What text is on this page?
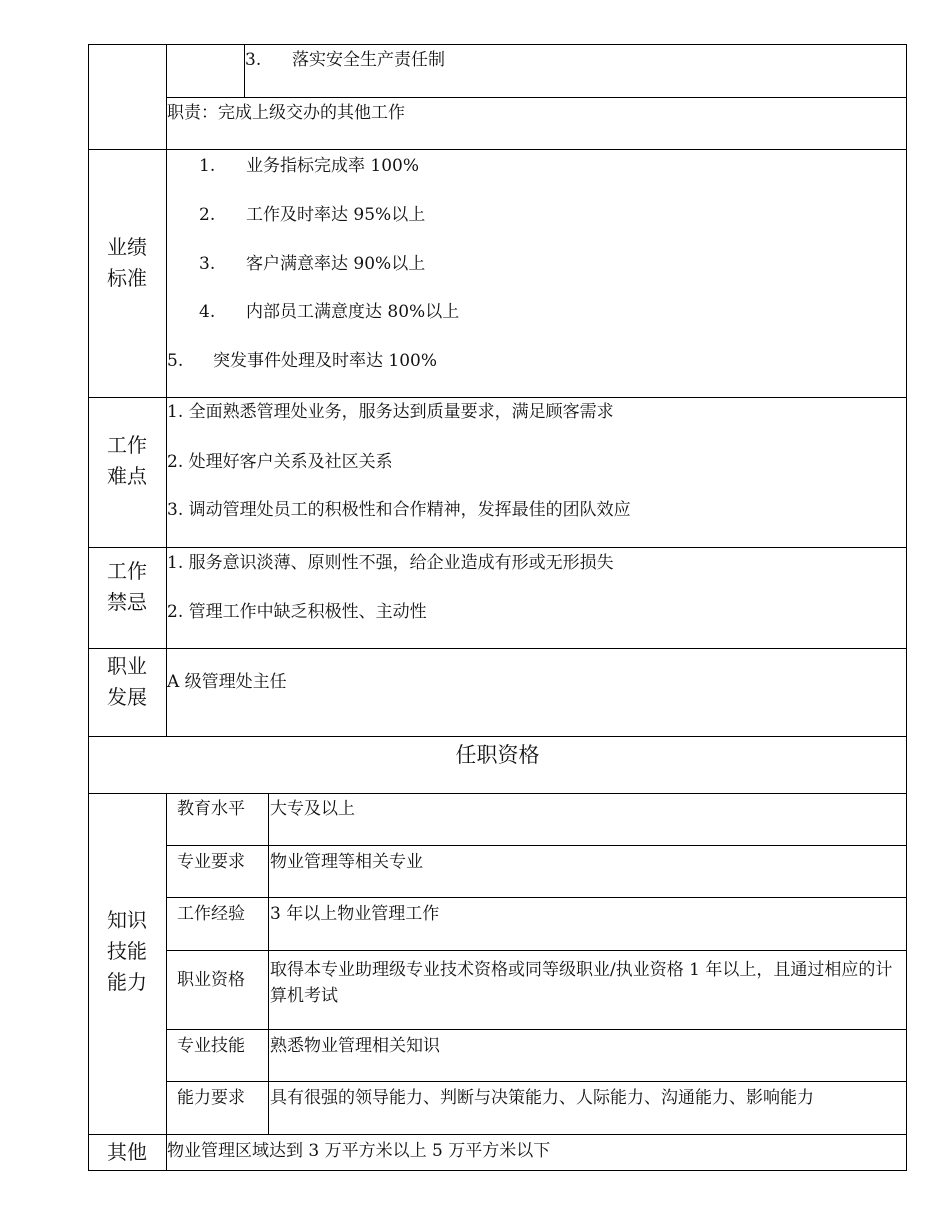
3. 落实安全生产责任制
职责：完成上级交办的其他工作
业绩
标准
1. 业务指标完成率 100%
2. 工作及时率达 95%以上
3. 客户满意率达 90%以上
4. 内部员工满意度达 80%以上
5. 突发事件处理及时率达 100%
工作
难点
1. 全面熟悉管理处业务，服务达到质量要求，满足顾客需求
2. 处理好客户关系及社区关系
3. 调动管理处员工的积极性和合作精神，发挥最佳的团队效应
工作
禁忌
1. 服务意识淡薄、原则性不强，给企业造成有形或无形损失
2. 管理工作中缺乏积极性、主动性
职业
发展
A 级管理处主任
任职资格
知识
技能
能力
教育水平 大专及以上
专业要求 物业管理等相关专业
工作经验 3 年以上物业管理工作
职业资格 取得本专业助理级专业技术资格或同等级职业/执业资格 1 年以上，且通过相应的计算机考试
专业技能 熟悉物业管理相关知识
能力要求 具有很强的领导能力、判断与决策能力、人际能力、沟通能力、影响能力
其他	物业管理区域达到 3 万平方米以上 5 万平方米以下
